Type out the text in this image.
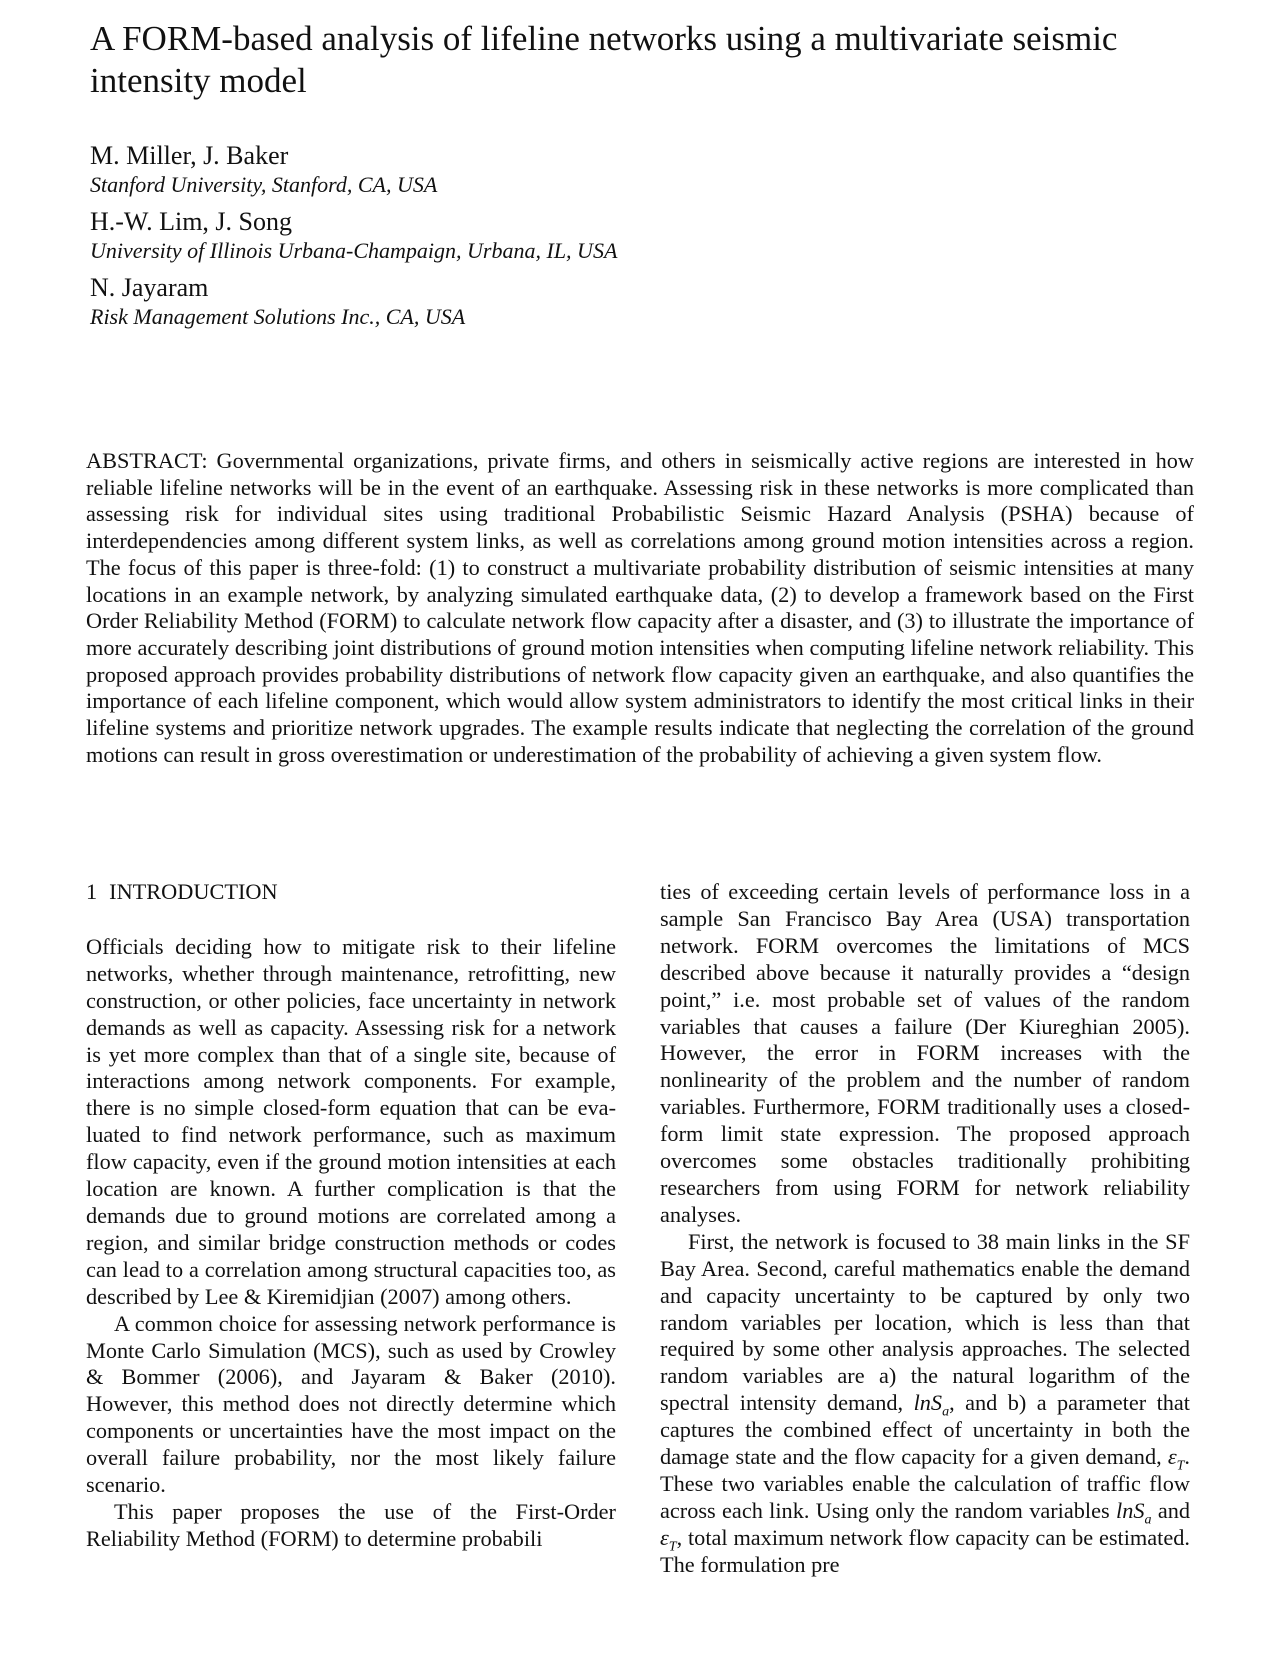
A FORM-based analysis of lifeline networks using a multivariate seismic intensity model
M. Miller, J. Baker
Stanford University, Stanford, CA, USA
H.-W. Lim, J. Song
University of Illinois Urbana-Champaign, Urbana, IL, USA
N. Jayaram
Risk Management Solutions Inc., CA, USA

ABSTRACT: Governmental organizations, private firms, and others in seismically active regions are interested in how reliable lifeline networks will be in the event of an earthquake. Assessing risk in these networks is more complicated than assessing risk for individual sites using traditional Probabilistic Seismic Hazard Analysis (PSHA) because of interdependencies among different system links, as well as correlations among ground motion intensities across a region. The focus of this paper is three-fold: (1) to construct a multivariate probability distribution of seismic intensities at many locations in an example network, by analyzing simulated earthquake data, (2) to develop a framework based on the First Order Reliability Method (FORM) to calculate network flow capacity after a disaster, and (3) to illustrate the importance of more accurately describing joint distributions of ground motion intensities when computing lifeline network reliability. This proposed approach provides probability distributions of network flow capacity given an earthquake, and also quantifies the importance of each lifeline component, which would allow system administrators to identify the most critical links in their lifeline systems and prioritize network upgrades. The example results indicate that neglecting the correlation of the ground motions can result in gross overestimation or underestimation of the probability of achieving a given system flow.

1 INTRODUCTION

Officials deciding how to mitigate risk to their lifeline networks, whether through maintenance, retrofitting, new construction, or other policies, face uncertainty in network demands as well as capacity. Assessing risk for a network is yet more complex than that of a single site, because of interactions among network components. For example, there is no simple closed-form equation that can be evaluated to find network performance, such as maximum flow capacity, even if the ground motion intensities at each location are known. A further complication is that the demands due to ground motions are correlated among a region, and similar bridge construction methods or codes can lead to a correlation among structural capacities too, as described by Lee & Kiremidjian (2007) among others.

A common choice for assessing network performance is Monte Carlo Simulation (MCS), such as used by Crowley & Bommer (2006), and Jayaram & Baker (2010). However, this method does not directly determine which components or uncertainties have the most impact on the overall failure probability, nor the most likely failure scenario.

This paper proposes the use of the First-Order Reliability Method (FORM) to determine probabili

ties of exceeding certain levels of performance loss in a sample San Francisco Bay Area (USA) transportation network. FORM overcomes the limitations of MCS described above because it naturally provides a “design point,” i.e. most probable set of values of the random variables that causes a failure (Der Kiureghian 2005). However, the error in FORM increases with the nonlinearity of the problem and the number of random variables. Furthermore, FORM traditionally uses a closed-form limit state expression. The proposed approach overcomes some obstacles traditionally prohibiting researchers from using FORM for network reliability analyses.

First, the network is focused to 38 main links in the SF Bay Area. Second, careful mathematics enable the demand and capacity uncertainty to be captured by only two random variables per location, which is less than that required by some other analysis approaches. The selected random variables are a) the natural logarithm of the spectral intensity demand, lnS$_a$, and b) a parameter that captures the combined effect of uncertainty in both the damage state and the flow capacity for a given demand, $\varepsilon_T$. These two variables enable the calculation of traffic flow across each link. Using only the random variables lnS$_a$ and $\varepsilon_T$, total maximum network flow capacity can be estimated. The formulation pre
